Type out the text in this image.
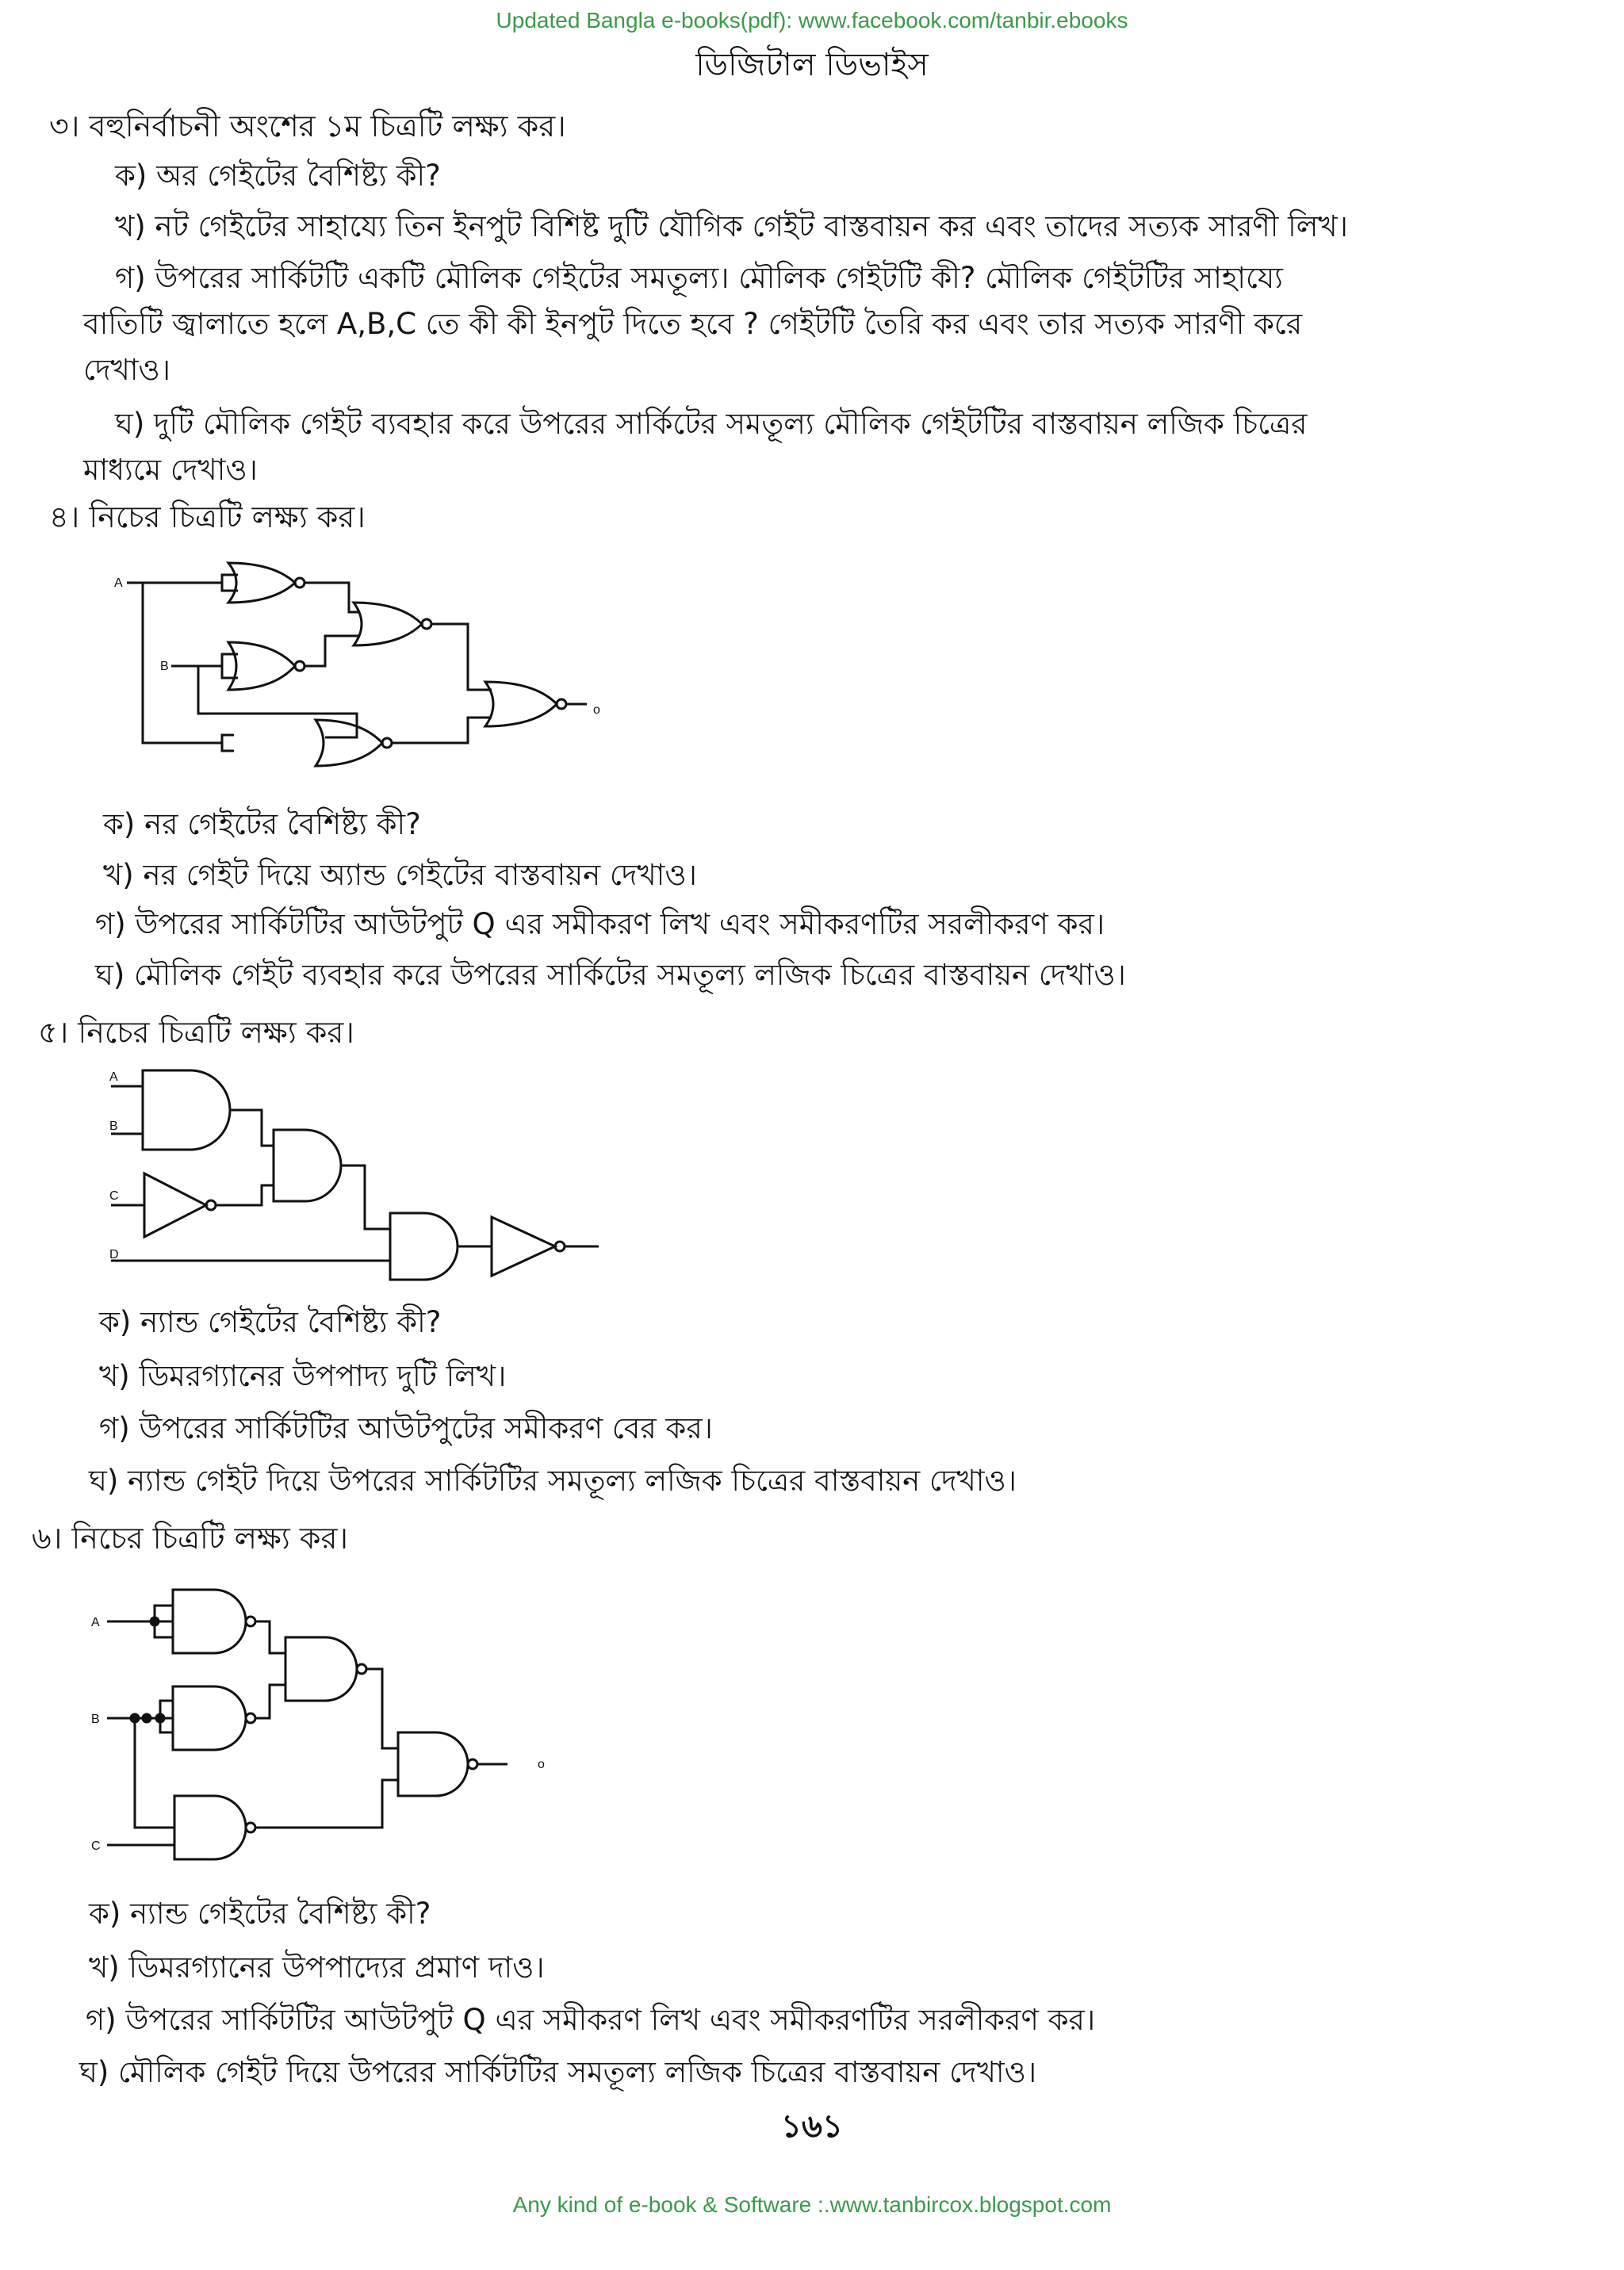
Updated Bangla e-books(pdf): www.facebook.com/tanbir.ebooks
ডিজিটাল ডিভাইস
৩। বহুনির্বাচনী অংশের ১ম চিত্রটি লক্ষ্য কর।
ক) অর গেইটের বৈশিষ্ট্য কী?
খ) নট গেইটের সাহায্যে তিন ইনপুট বিশিষ্ট দুটি যৌগিক গেইট বাস্তবায়ন কর এবং তাদের সত্যক সারণী লিখ।
গ) উপরের সার্কিটটি একটি মৌলিক গেইটের সমতূল্য। মৌলিক গেইটটি কী? মৌলিক গেইটটির সাহায্যে
বাতিটি জ্বালাতে হলে A,B,C তে কী কী ইনপুট দিতে হবে ? গেইটটি তৈরি কর এবং তার সত্যক সারণী করে
দেখাও।
ঘ) দুটি মৌলিক গেইট ব্যবহার করে উপরের সার্কিটের সমতূল্য মৌলিক গেইটটির বাস্তবায়ন লজিক চিত্রের
মাধ্যমে দেখাও।
৪। নিচের চিত্রটি লক্ষ্য কর।
A
B
o
ক) নর গেইটের বৈশিষ্ট্য কী?
খ) নর গেইট দিয়ে অ্যান্ড গেইটের বাস্তবায়ন দেখাও।
গ) উপরের সার্কিটটির আউটপুট Q এর সমীকরণ লিখ এবং সমীকরণটির সরলীকরণ কর।
ঘ) মৌলিক গেইট ব্যবহার করে উপরের সার্কিটের সমতূল্য লজিক চিত্রের বাস্তবায়ন দেখাও।
৫। নিচের চিত্রটি লক্ষ্য কর।
A
B
C
D
ক) ন্যান্ড গেইটের বৈশিষ্ট্য কী?
খ) ডিমরগ্যানের উপপাদ্য দুটি লিখ।
গ) উপরের সার্কিটটির আউটপুটের সমীকরণ বের কর।
ঘ) ন্যান্ড গেইট দিয়ে উপরের সার্কিটটির সমতূল্য লজিক চিত্রের বাস্তবায়ন দেখাও।
৬। নিচের চিত্রটি লক্ষ্য কর।
A
B
C
o
ক) ন্যান্ড গেইটের বৈশিষ্ট্য কী?
খ) ডিমরগ্যানের উপপাদ্যের প্রমাণ দাও।
গ) উপরের সার্কিটটির আউটপুট Q এর সমীকরণ লিখ এবং সমীকরণটির সরলীকরণ কর।
ঘ) মৌলিক গেইট দিয়ে উপরের সার্কিটটির সমতূল্য লজিক চিত্রের বাস্তবায়ন দেখাও।
১৬১
Any kind of e-book & Software :.www.tanbircox.blogspot.com
